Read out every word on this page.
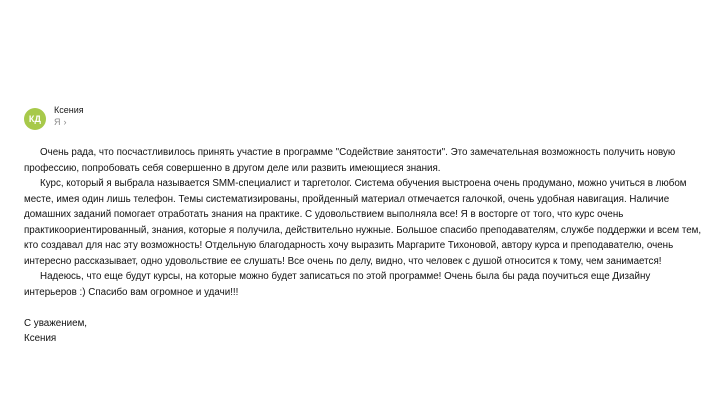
КД
Ксения
Я ›

Очень рада, что посчастливилось принять участие в программе "Содействие занятости". Это замечательная возможность получить новую профессию, попробовать себя совершенно в другом деле или развить имеющиеся знания.

Курс, который я выбрала называется SMM-специалист и таргетолог. Система обучения выстроена очень продумано, можно учиться в любом месте, имея один лишь телефон. Темы систематизированы, пройденный материал отмечается галочкой, очень удобная навигация. Наличие домашних заданий помогает отработать знания на практике. С удовольствием выполняла все! Я в восторге от того, что курс очень практикоориентированный, знания, которые я получила, действительно нужные. Большое спасибо преподавателям, службе поддержки и всем тем, кто создавал для нас эту возможность! Отдельную благодарность хочу выразить Маргарите Тихоновой, автору курса и преподавателю, очень интересно рассказывает, одно удовольствие ее слушать! Все очень по делу, видно, что человек с душой относится к тому, чем занимается!

Надеюсь, что еще будут курсы, на которые можно будет записаться по этой программе! Очень была бы рада поучиться еще Дизайну интерьеров :) Спасибо вам огромное и удачи!!!

С уважением,
Ксения
